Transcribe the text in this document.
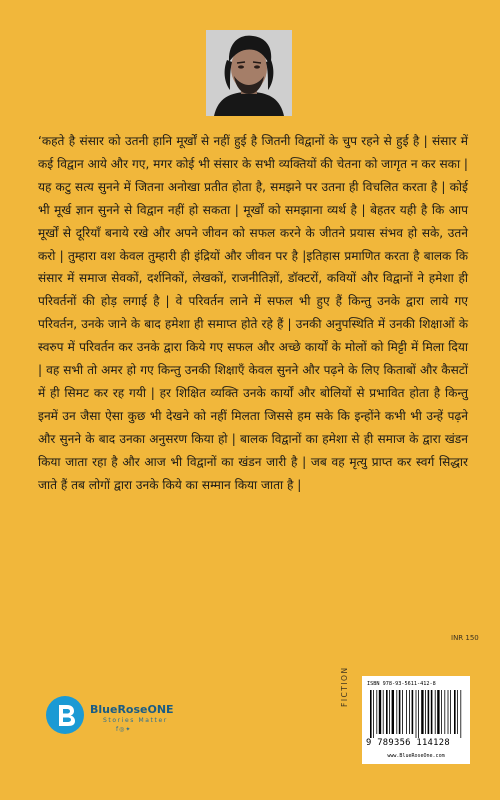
‘कहते है संसार को उतनी हानि मूर्खों से नहीं हुई है जितनी विद्वानों के चुप रहने से हुई है | संसार में कई विद्वान आये और गए, मगर कोई भी संसार के सभी व्यक्तियों की चेतना को जागृत न कर सका | यह कटु सत्य सुनने में जितना अनोखा प्रतीत होता है, समझने पर उतना ही विचलित करता है | कोई भी मूर्ख ज्ञान सुनने से विद्वान नहीं हो सकता | मूर्खों को समझाना व्यर्थ है | बेहतर यही है कि आप मूर्खों से दूरियाँ बनाये रखे और अपने जीवन को सफल करने के जीतने प्रयास संभव हो सके, उतने करो | तुम्हारा वश केवल तुम्हारी ही इंद्रियों और जीवन पर है |इतिहास प्रमाणित करता है बालक कि संसार में समाज सेवकों, दर्शनिकों, लेखकों, राजनीतिज्ञों, डॉक्टरों, कवियों और विद्वानों ने हमेशा ही परिवर्तनों की होड़ लगाई है | वे परिवर्तन लाने में सफल भी हुए हैं किन्तु उनके द्वारा लाये गए परिवर्तन, उनके जाने के बाद हमेशा ही समाप्त होते रहे हैं | उनकी अनुपस्थिति में उनकी शिक्षाओं के स्वरुप में परिवर्तन कर उनके द्वारा किये गए सफल और अच्छे कार्यों के मोलों को मिट्टी में मिला दिया | वह सभी तो अमर हो गए किन्तु उनकी शिक्षाएँ केवल सुनने और पढ़ने के लिए किताबों और कैसटों में ही सिमट कर रह गयी | हर शिक्षित व्यक्ति उनके कार्यों और बोलियों से प्रभावित होता है किन्तु इनमें उन जैसा ऐसा कुछ भी देखने को नहीं मिलता जिससे हम सके कि इन्होंने कभी भी उन्हें पढ़ने और सुनने के बाद उनका अनुसरण किया हो | बालक विद्वानों का हमेशा से ही समाज के द्वारा खंडन किया जाता रहा है और आज भी विद्वानों का खंडन जारी है | जब वह मृत्यु प्राप्त कर स्वर्ग सिद्धार जाते हैं तब लोगों द्वारा उनके किये का सम्मान किया जाता है |

INR 150
BlueRoseONE
Stories Matter
f◎✦
FICTION	ISBN 978-93-5611-412-8
9 789356 114128
www.BlueRoseOne.com
